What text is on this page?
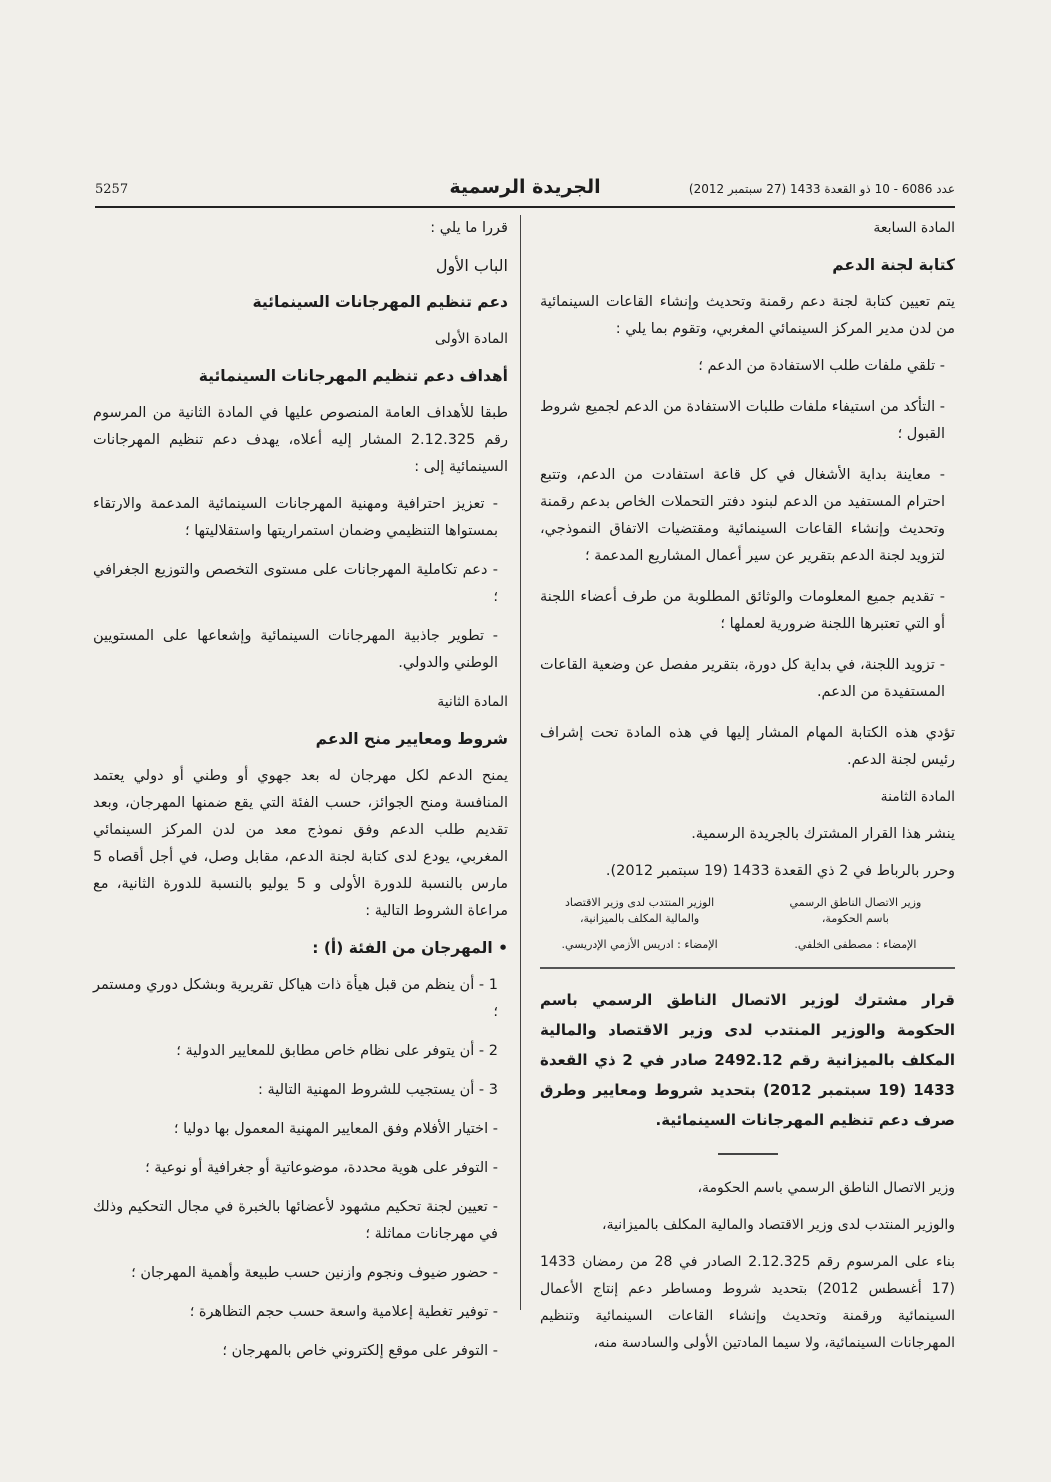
5257	الجريدة الرسمية	عدد 6086 - 10 ذو القعدة 1433 (27 سبتمبر 2012)

المادة السابعة

كتابة لجنة الدعم

يتم تعيين كتابة لجنة دعم رقمنة وتحديث وإنشاء القاعات السينمائية من لدن مدير المركز السينمائي المغربي، وتقوم بما يلي :

- تلقي ملفات طلب الاستفادة من الدعم ؛
- التأكد من استيفاء ملفات طلبات الاستفادة من الدعم لجميع شروط القبول ؛
- معاينة بداية الأشغال في كل قاعة استفادت من الدعم، وتتبع احترام المستفيد من الدعم لبنود دفتر التحملات الخاص بدعم رقمنة وتحديث وإنشاء القاعات السينمائية ومقتضيات الاتفاق النموذجي، لتزويد لجنة الدعم بتقرير عن سير أعمال المشاريع المدعمة ؛
- تقديم جميع المعلومات والوثائق المطلوبة من طرف أعضاء اللجنة أو التي تعتبرها اللجنة ضرورية لعملها ؛
- تزويد اللجنة، في بداية كل دورة، بتقرير مفصل عن وضعية القاعات المستفيدة من الدعم.

تؤدي هذه الكتابة المهام المشار إليها في هذه المادة تحت إشراف رئيس لجنة الدعم.

المادة الثامنة

ينشر هذا القرار المشترك بالجريدة الرسمية.

وحرر بالرباط في 2 ذي القعدة 1433 (19 سبتمبر 2012).

وزير الاتصال الناطق الرسمي
باسم الحكومة،
الوزير المنتدب لدى وزير الاقتصاد
والمالية المكلف بالميزانية،
الإمضاء : مصطفى الخلفي.
الإمضاء : ادريس الأزمي الإدريسي.

قرار مشترك لوزير الاتصال الناطق الرسمي باسم الحكومة والوزير المنتدب لدى وزير الاقتصاد والمالية المكلف بالميزانية رقم 2492.12 صادر في 2 ذي القعدة 1433 (19 سبتمبر 2012) بتحديد شروط ومعايير وطرق صرف دعم تنظيم المهرجانات السينمائية.

وزير الاتصال الناطق الرسمي باسم الحكومة،

والوزير المنتدب لدى وزير الاقتصاد والمالية المكلف بالميزانية،

بناء على المرسوم رقم 2.12.325 الصادر في 28 من رمضان 1433 (17 أغسطس 2012) بتحديد شروط ومساطر دعم إنتاج الأعمال السينمائية ورقمنة وتحديث وإنشاء القاعات السينمائية وتنظيم المهرجانات السينمائية، ولا سيما المادتين الأولى والسادسة منه،

قررا ما يلي :

الباب الأول

دعم تنظيم المهرجانات السينمائية

المادة الأولى

أهداف دعم تنظيم المهرجانات السينمائية

طبقا للأهداف العامة المنصوص عليها في المادة الثانية من المرسوم رقم 2.12.325 المشار إليه أعلاه، يهدف دعم تنظيم المهرجانات السينمائية إلى :

- تعزيز احترافية ومهنية المهرجانات السينمائية المدعمة والارتقاء بمستواها التنظيمي وضمان استمراريتها واستقلاليتها ؛
- دعم تكاملية المهرجانات على مستوى التخصص والتوزيع الجغرافي ؛
- تطوير جاذبية المهرجانات السينمائية وإشعاعها على المستويين الوطني والدولي.

المادة الثانية

شروط ومعايير منح الدعم

يمنح الدعم لكل مهرجان له بعد جهوي أو وطني أو دولي يعتمد المنافسة ومنح الجوائز، حسب الفئة التي يقع ضمنها المهرجان، وبعد تقديم طلب الدعم وفق نموذج معد من لدن المركز السينمائي المغربي، يودع لدى كتابة لجنة الدعم، مقابل وصل، في أجل أقصاه 5 مارس بالنسبة للدورة الأولى و 5 يوليو بالنسبة للدورة الثانية، مع مراعاة الشروط التالية :

• المهرجان من الفئة (أ) :

1 - أن ينظم من قبل هيأة ذات هياكل تقريرية وبشكل دوري ومستمر ؛
2 - أن يتوفر على نظام خاص مطابق للمعايير الدولية ؛
3 - أن يستجيب للشروط المهنية التالية :
- اختيار الأفلام وفق المعايير المهنية المعمول بها دوليا ؛
- التوفر على هوية محددة، موضوعاتية أو جغرافية أو نوعية ؛
- تعيين لجنة تحكيم مشهود لأعضائها بالخبرة في مجال التحكيم وذلك في مهرجانات مماثلة ؛
- حضور ضيوف ونجوم وازنين حسب طبيعة وأهمية المهرجان ؛
- توفير تغطية إعلامية واسعة حسب حجم التظاهرة ؛
- التوفر على موقع إلكتروني خاص بالمهرجان ؛
